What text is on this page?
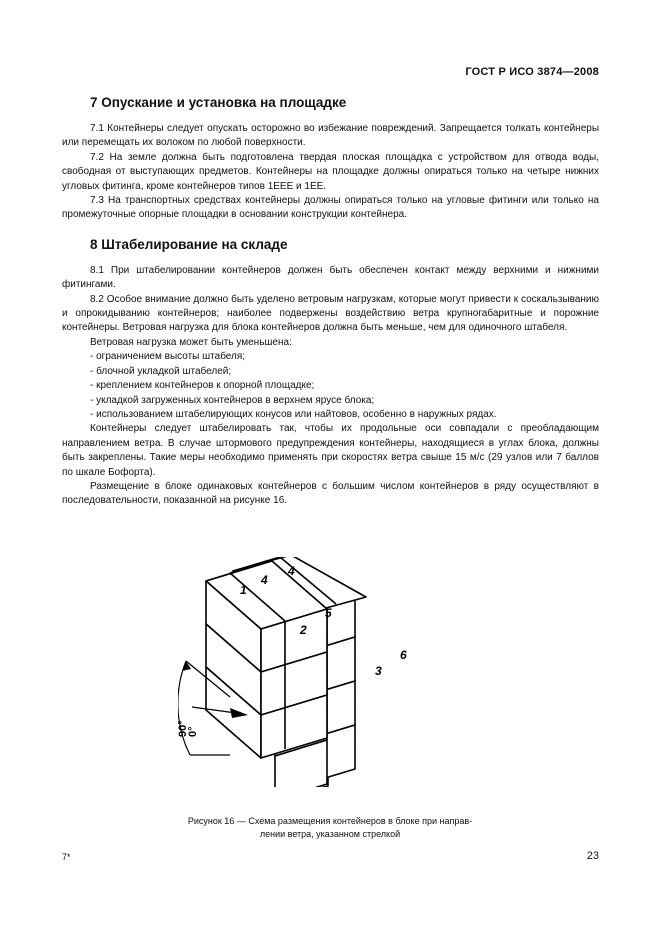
ГОСТ Р ИСО 3874—2008
7 Опускание и установка на площадке

7.1 Контейнеры следует опускать осторожно во избежание повреждений. Запрещается толкать контейнеры или перемещать их волоком по любой поверхности.

7.2 На земле должна быть подготовлена твердая плоская площадка с устройством для отвода воды, свободная от выступающих предметов. Контейнеры на площадке должны опираться только на четыре нижних угловых фитинга, кроме контейнеров типов 1EEE и 1EE.

7.3 На транспортных средствах контейнеры должны опираться только на угловые фитинги или только на промежуточные опорные площадки в основании конструкции контейнера.

8 Штабелирование на складе

8.1 При штабелировании контейнеров должен быть обеспечен контакт между верхними и нижними фитингами.

8.2 Особое внимание должно быть уделено ветровым нагрузкам, которые могут привести к соскальзыванию и опрокидыванию контейнеров; наиболее подвержены воздействию ветра крупногабаритные и порожние контейнеры. Ветровая нагрузка для блока контейнеров должна быть меньше, чем для одиночного штабеля.

Ветровая нагрузка может быть уменьшена:

- ограничением высоты штабеля;

- блочной укладкой штабелей;

- креплением контейнеров к опорной площадке;

- укладкой загруженных контейнеров в верхнем ярусе блока;

- использованием штабелирующих конусов или найтовов, особенно в наружных рядах.

Контейнеры следует штабелировать так, чтобы их продольные оси совпадали с преобладающим направлением ветра. В случае штормового предупреждения контейнеры, находящиеся в углах блока, должны быть закреплены. Такие меры необходимо применять при скоростях ветра свыше 15 м/с (29 узлов или 7 баллов по шкале Бофорта).

Размещение в блоке одинаковых контейнеров с большим числом контейнеров в ряду осуществляют в последовательности, показанной на рисунке 16.

90°
0°
1
2
3
4
4
5
6
Рисунок 16 — Схема размещения контейнеров в блоке при направ-
лении ветра, указанном стрелкой
7*	23
